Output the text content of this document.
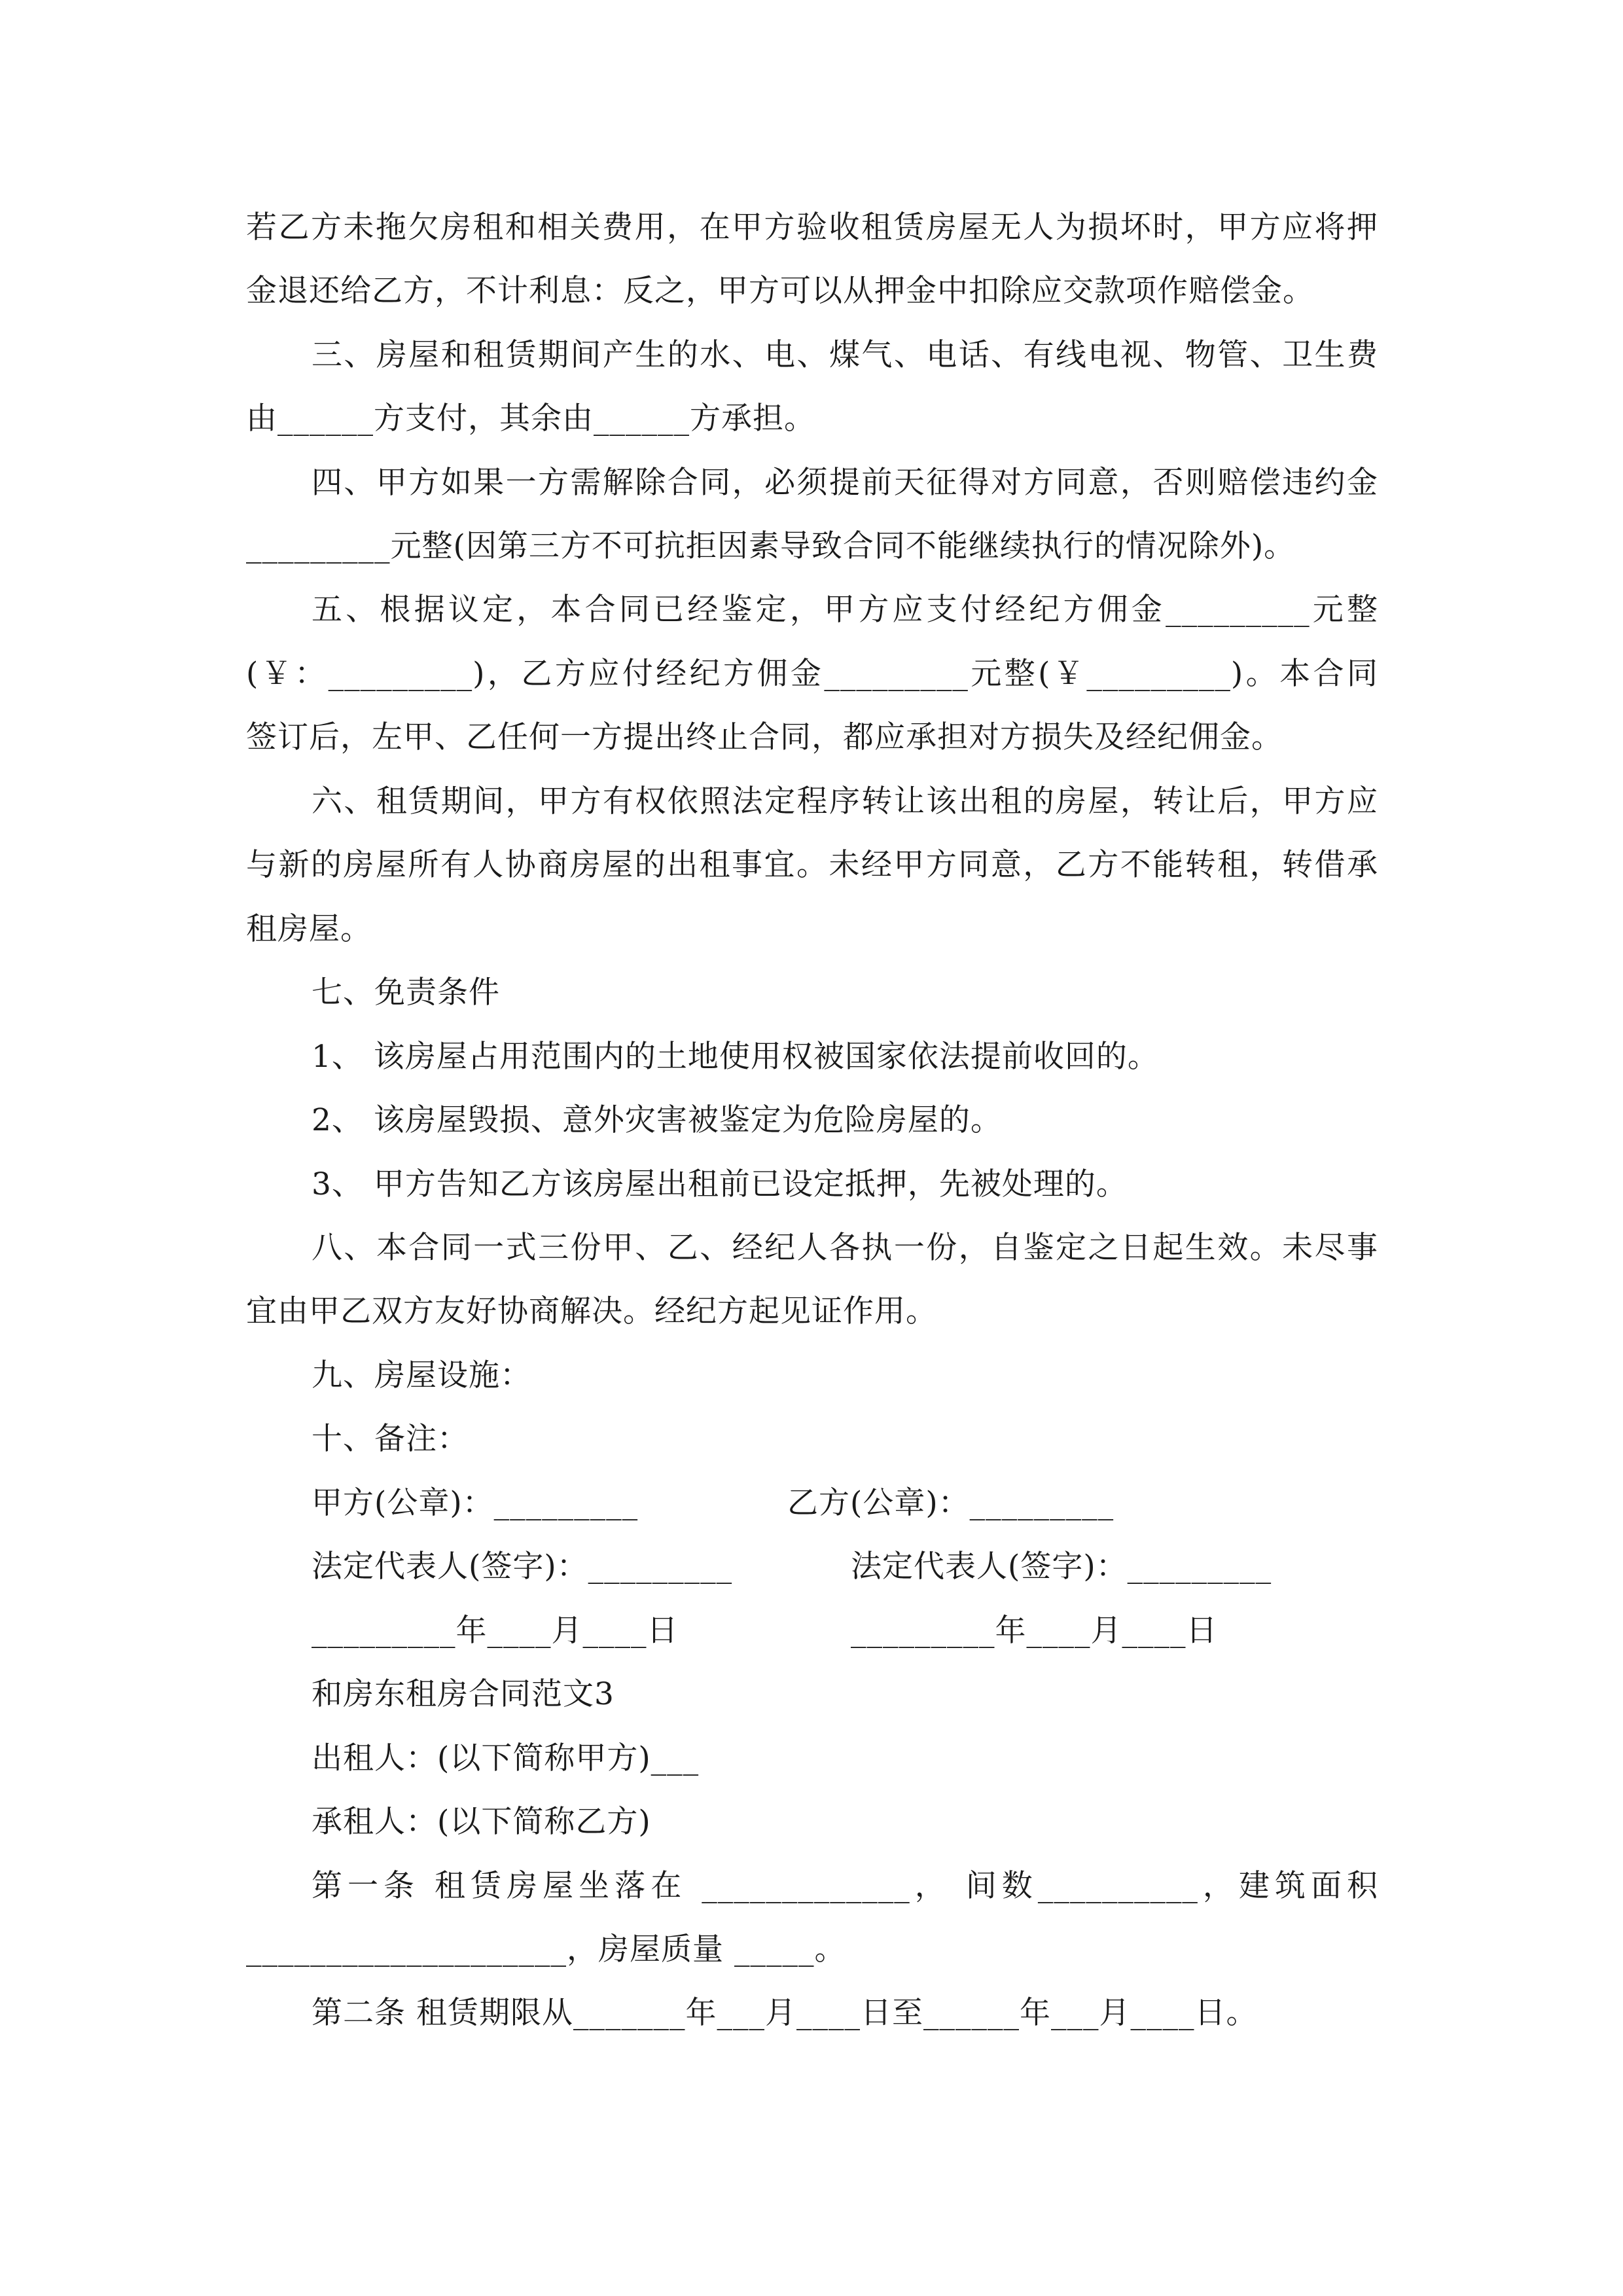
若乙方未拖欠房租和相关费用，在甲方验收租赁房屋无人为损坏时，甲方应将押
金退还给乙方，不计利息：反之，甲方可以从押金中扣除应交款项作赔偿金。
三、房屋和租赁期间产生的水、电、煤气、电话、有线电视、物管、卫生费
由______方支付，其余由______方承担。
四、甲方如果一方需解除合同，必须提前天征得对方同意，否则赔偿违约金
_________元整(因第三方不可抗拒因素导致合同不能继续执行的情况除外)。
五、根据议定，本合同已经鉴定，甲方应支付经纪方佣金_________元整
(￥：_________)，乙方应付经纪方佣金_________元整(￥_________)。本合同
签订后，左甲、乙任何一方提出终止合同，都应承担对方损失及经纪佣金。
六、租赁期间，甲方有权依照法定程序转让该出租的房屋，转让后，甲方应
与新的房屋所有人协商房屋的出租事宜。未经甲方同意，乙方不能转租，转借承
租房屋。
七、免责条件
1、 该房屋占用范围内的土地使用权被国家依法提前收回的。
2、 该房屋毁损、意外灾害被鉴定为危险房屋的。
3、 甲方告知乙方该房屋出租前已设定抵押，先被处理的。
八、本合同一式三份甲、乙、经纪人各执一份，自鉴定之日起生效。未尽事
宜由甲乙双方友好协商解决。经纪方起见证作用。
九、房屋设施：
十、备注：
甲方(公章)：_________	乙方(公章)：_________
法定代表人(签字)：_________	法定代表人(签字)：_________
_________年____月____日	_________年____月____日
和房东租房合同范文3
出租人：(以下简称甲方)___
承租人：(以下简称乙方)
第一条 租赁房屋坐落在 _____________， 间数__________，建筑面积
____________________，房屋质量 _____。
第二条 租赁期限从_______年___月____日至______年___月____日。
